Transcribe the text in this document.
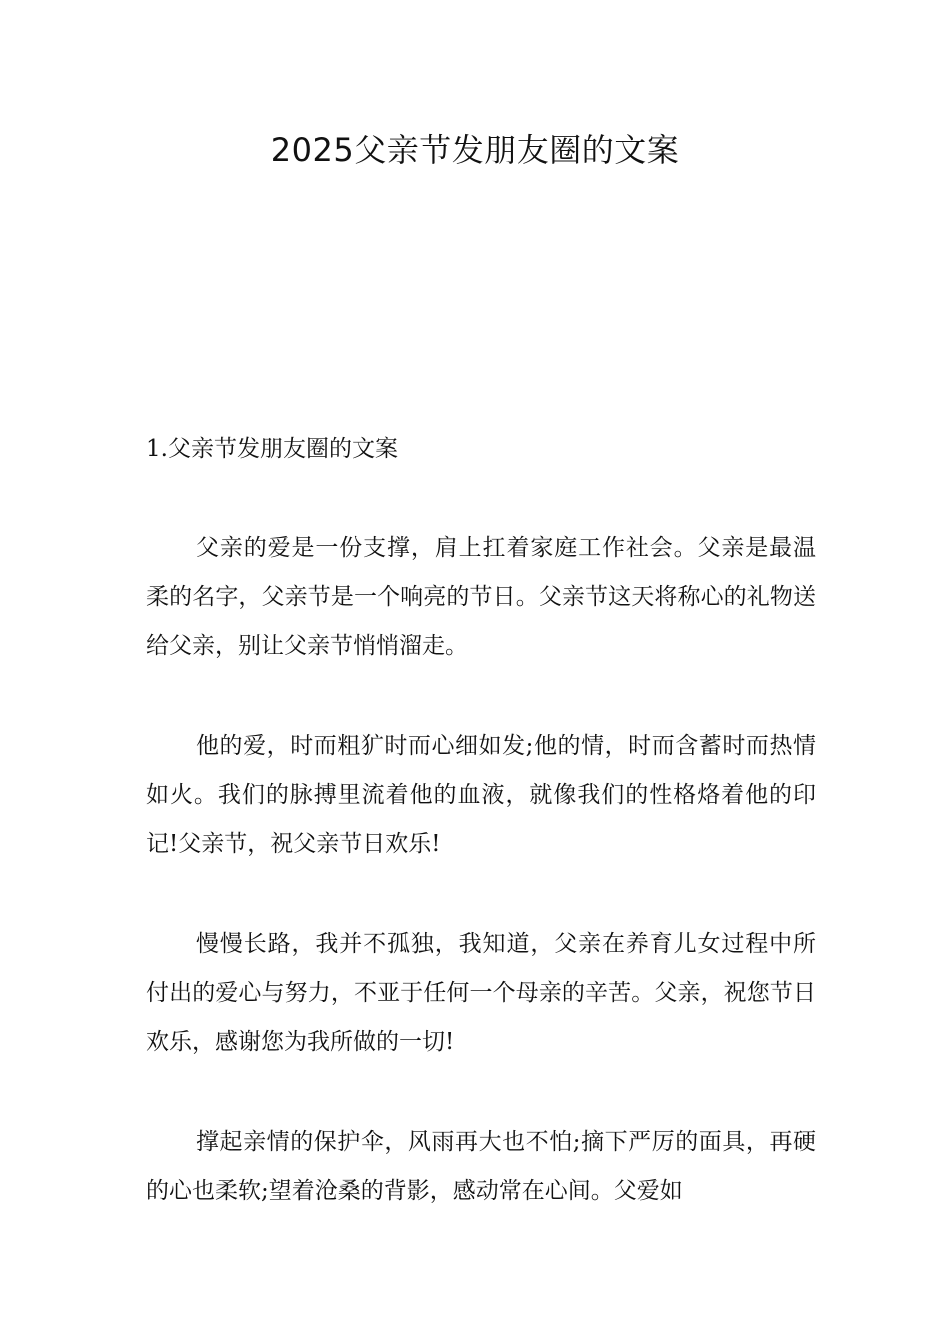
2025父亲节发朋友圈的文案
1.父亲节发朋友圈的文案

父亲的爱是一份支撑，肩上扛着家庭工作社会。父亲是最温柔的名字，父亲节是一个响亮的节日。父亲节这天将称心的礼物送给父亲，别让父亲节悄悄溜走。

他的爱，时而粗犷时而心细如发;他的情，时而含蓄时而热情如火。我们的脉搏里流着他的血液，就像我们的性格烙着他的印记!父亲节，祝父亲节日欢乐!

慢慢长路，我并不孤独，我知道，父亲在养育儿女过程中所付出的爱心与努力，不亚于任何一个母亲的辛苦。父亲，祝您节日欢乐，感谢您为我所做的一切!

撑起亲情的保护伞，风雨再大也不怕;摘下严厉的面具，再硬的心也柔软;望着沧桑的背影，感动常在心间。父爱如
